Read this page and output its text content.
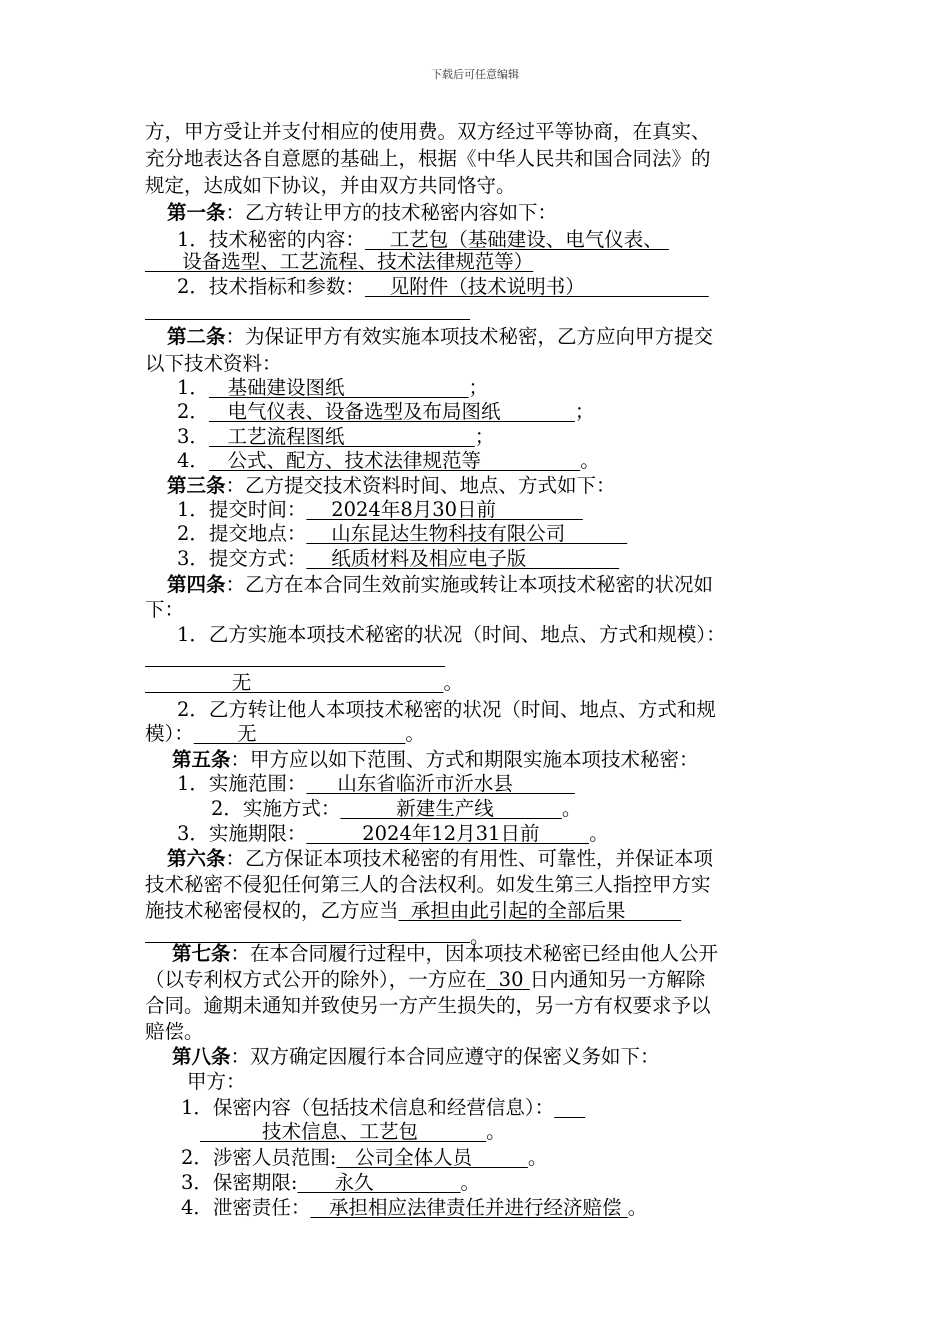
下载后可任意编辑
方，甲方受让并支付相应的使用费。双方经过平等协商，在真实、
充分地表达各自意愿的基础上，根据《中华人民共和国合同法》的
规定，达成如下协议，并由双方共同恪守。
第一条：乙方转让甲方的技术秘密内容如下：
1．技术秘密的内容：    工艺包（基础建设、电气仪表、
设备选型、工艺流程、技术法律规范等）
2．技术指标和参数：    见附件（技术说明书）
第二条：为保证甲方有效实施本项技术秘密，乙方应向甲方提交
以下技术资料：
1．   基础建设图纸                    ；
2．   电气仪表、设备选型及布局图纸            ；
3．   工艺流程图纸                     ；
4．   公式、配方、技术法律规范等                。
第三条：乙方提交技术资料时间、地点、方式如下：
1．提交时间：    2024年8月30日前
2．提交地点：    山东昆达生物科技有限公司
3．提交方式：    纸质材料及相应电子版
第四条：乙方在本合同生效前实施或转让本项技术秘密的状况如
下：
1．乙方实施本项技术秘密的状况（时间、地点、方式和规模）：
无                               。
2．乙方转让他人本项技术秘密的状况（时间、地点、方式和规
模）：       无                        。
第五条：甲方应以如下范围、方式和期限实施本项技术秘密：
1．实施范围：     山东省临沂市沂水县
2．实施方式：         新建生产线           。
3．实施期限：         2024年12月31日前        。
第六条：乙方保证本项技术秘密的有用性、可靠性，并保证本项
技术秘密不侵犯任何第三人的合法权利。如发生第三人指控甲方实
施技术秘密侵权的，乙方应当  承担由此引起的全部后果
。
第七条：在本合同履行过程中，因本项技术秘密已经由他人公开
（以专利权方式公开的除外），一方应在  30 日内通知另一方解除
合同。逾期未通知并致使另一方产生损失的，另一方有权要求予以
赔偿。
第八条：双方确定因履行本合同应遵守的保密义务如下：
甲方：
1．保密内容（包括技术信息和经营信息）：
技术信息、工艺包           。
2．涉密人员范围:   公司全体人员         。
3．保密期限:      永久              。
4．泄密责任：   承担相应法律责任并进行经济赔偿 。
